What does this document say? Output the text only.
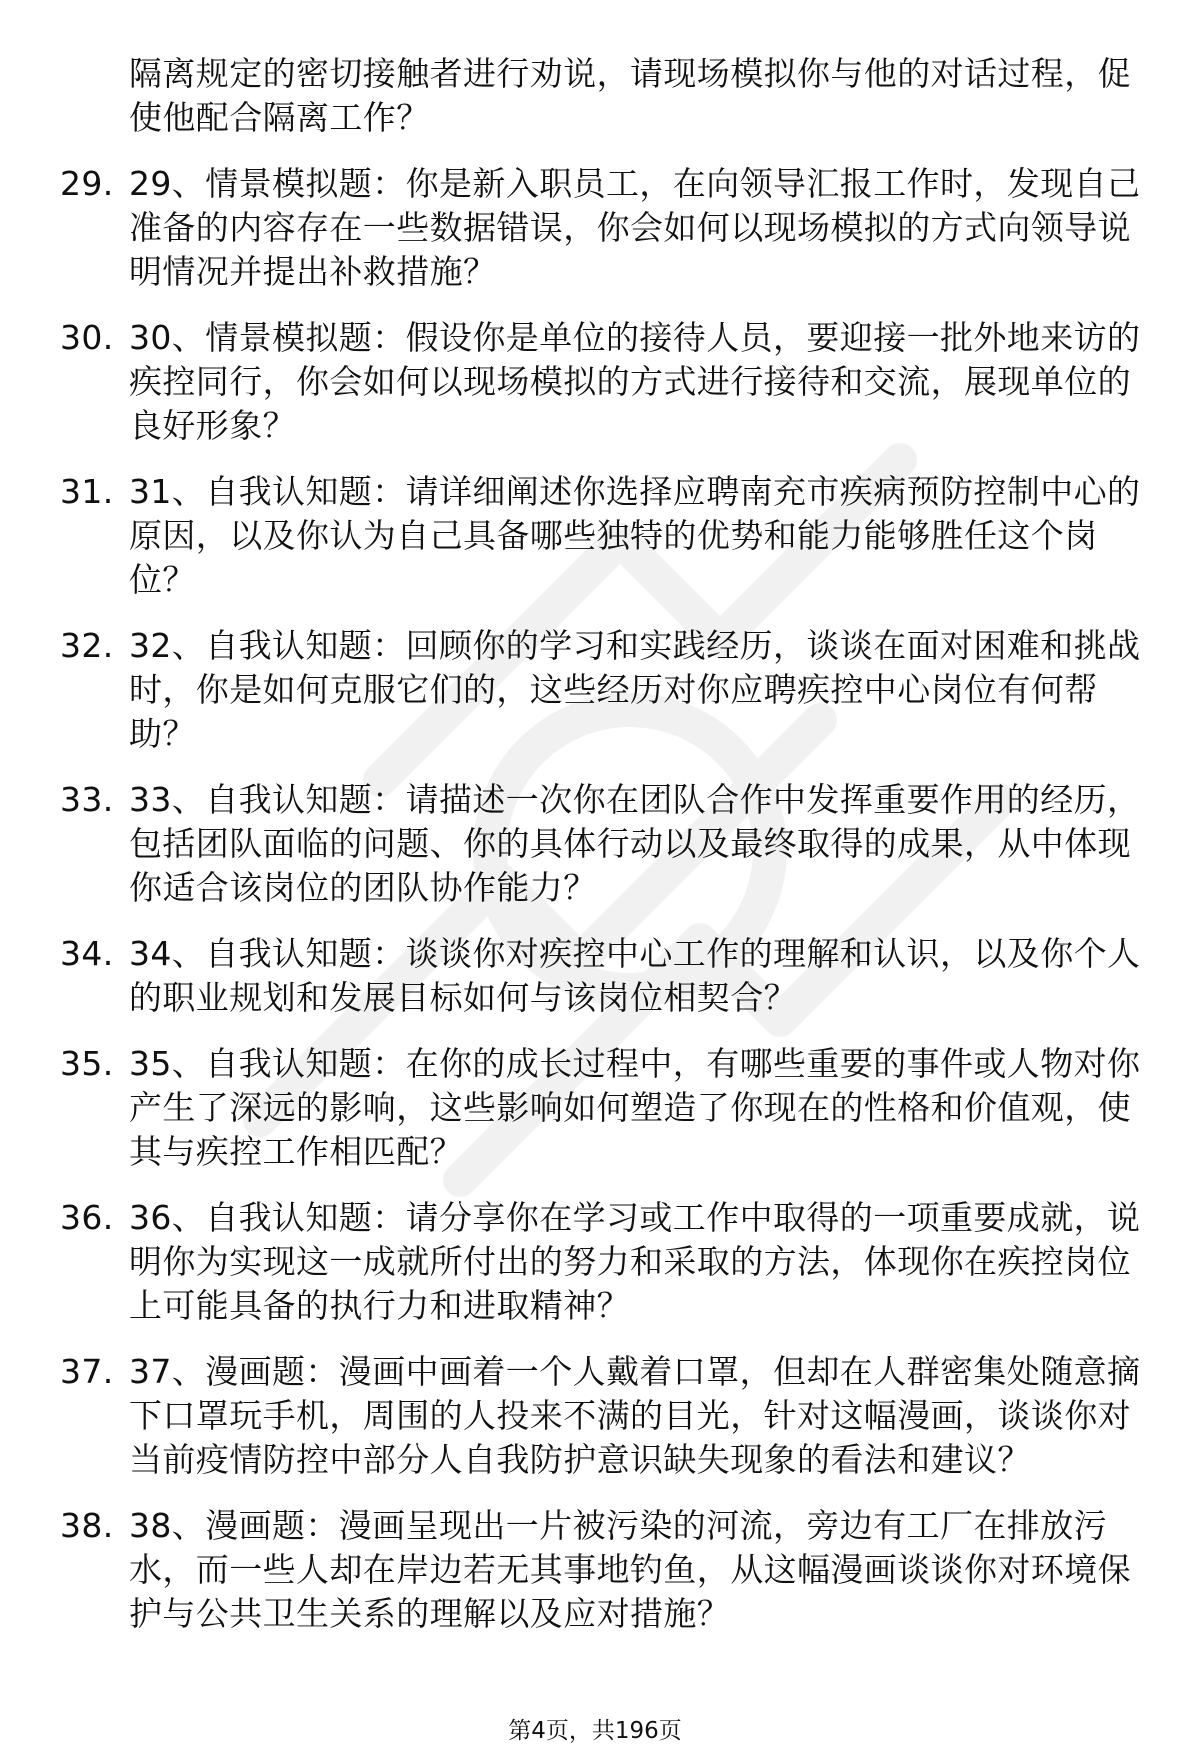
隔离规定的密切接触者进行劝说，请现场模拟你与他的对话过程，促使他配合隔离工作？
29. 29、情景模拟题：你是新入职员工，在向领导汇报工作时，发现自己准备的内容存在一些数据错误，你会如何以现场模拟的方式向领导说明情况并提出补救措施？
30. 30、情景模拟题：假设你是单位的接待人员，要迎接一批外地来访的疾控同行，你会如何以现场模拟的方式进行接待和交流，展现单位的良好形象？
31. 31、自我认知题：请详细阐述你选择应聘南充市疾病预防控制中心的原因，以及你认为自己具备哪些独特的优势和能力能够胜任这个岗位？
32. 32、自我认知题：回顾你的学习和实践经历，谈谈在面对困难和挑战时，你是如何克服它们的，这些经历对你应聘疾控中心岗位有何帮助？
33. 33、自我认知题：请描述一次你在团队合作中发挥重要作用的经历，包括团队面临的问题、你的具体行动以及最终取得的成果，从中体现你适合该岗位的团队协作能力？
34. 34、自我认知题：谈谈你对疾控中心工作的理解和认识，以及你个人的职业规划和发展目标如何与该岗位相契合？
35. 35、自我认知题：在你的成长过程中，有哪些重要的事件或人物对你产生了深远的影响，这些影响如何塑造了你现在的性格和价值观，使其与疾控工作相匹配？
36. 36、自我认知题：请分享你在学习或工作中取得的一项重要成就，说明你为实现这一成就所付出的努力和采取的方法，体现你在疾控岗位上可能具备的执行力和进取精神？
37. 37、漫画题：漫画中画着一个人戴着口罩，但却在人群密集处随意摘下口罩玩手机，周围的人投来不满的目光，针对这幅漫画，谈谈你对当前疫情防控中部分人自我防护意识缺失现象的看法和建议？
38. 38、漫画题：漫画呈现出一片被污染的河流，旁边有工厂在排放污水，而一些人却在岸边若无其事地钓鱼，从这幅漫画谈谈你对环境保护与公共卫生关系的理解以及应对措施？
第4页，共196页
